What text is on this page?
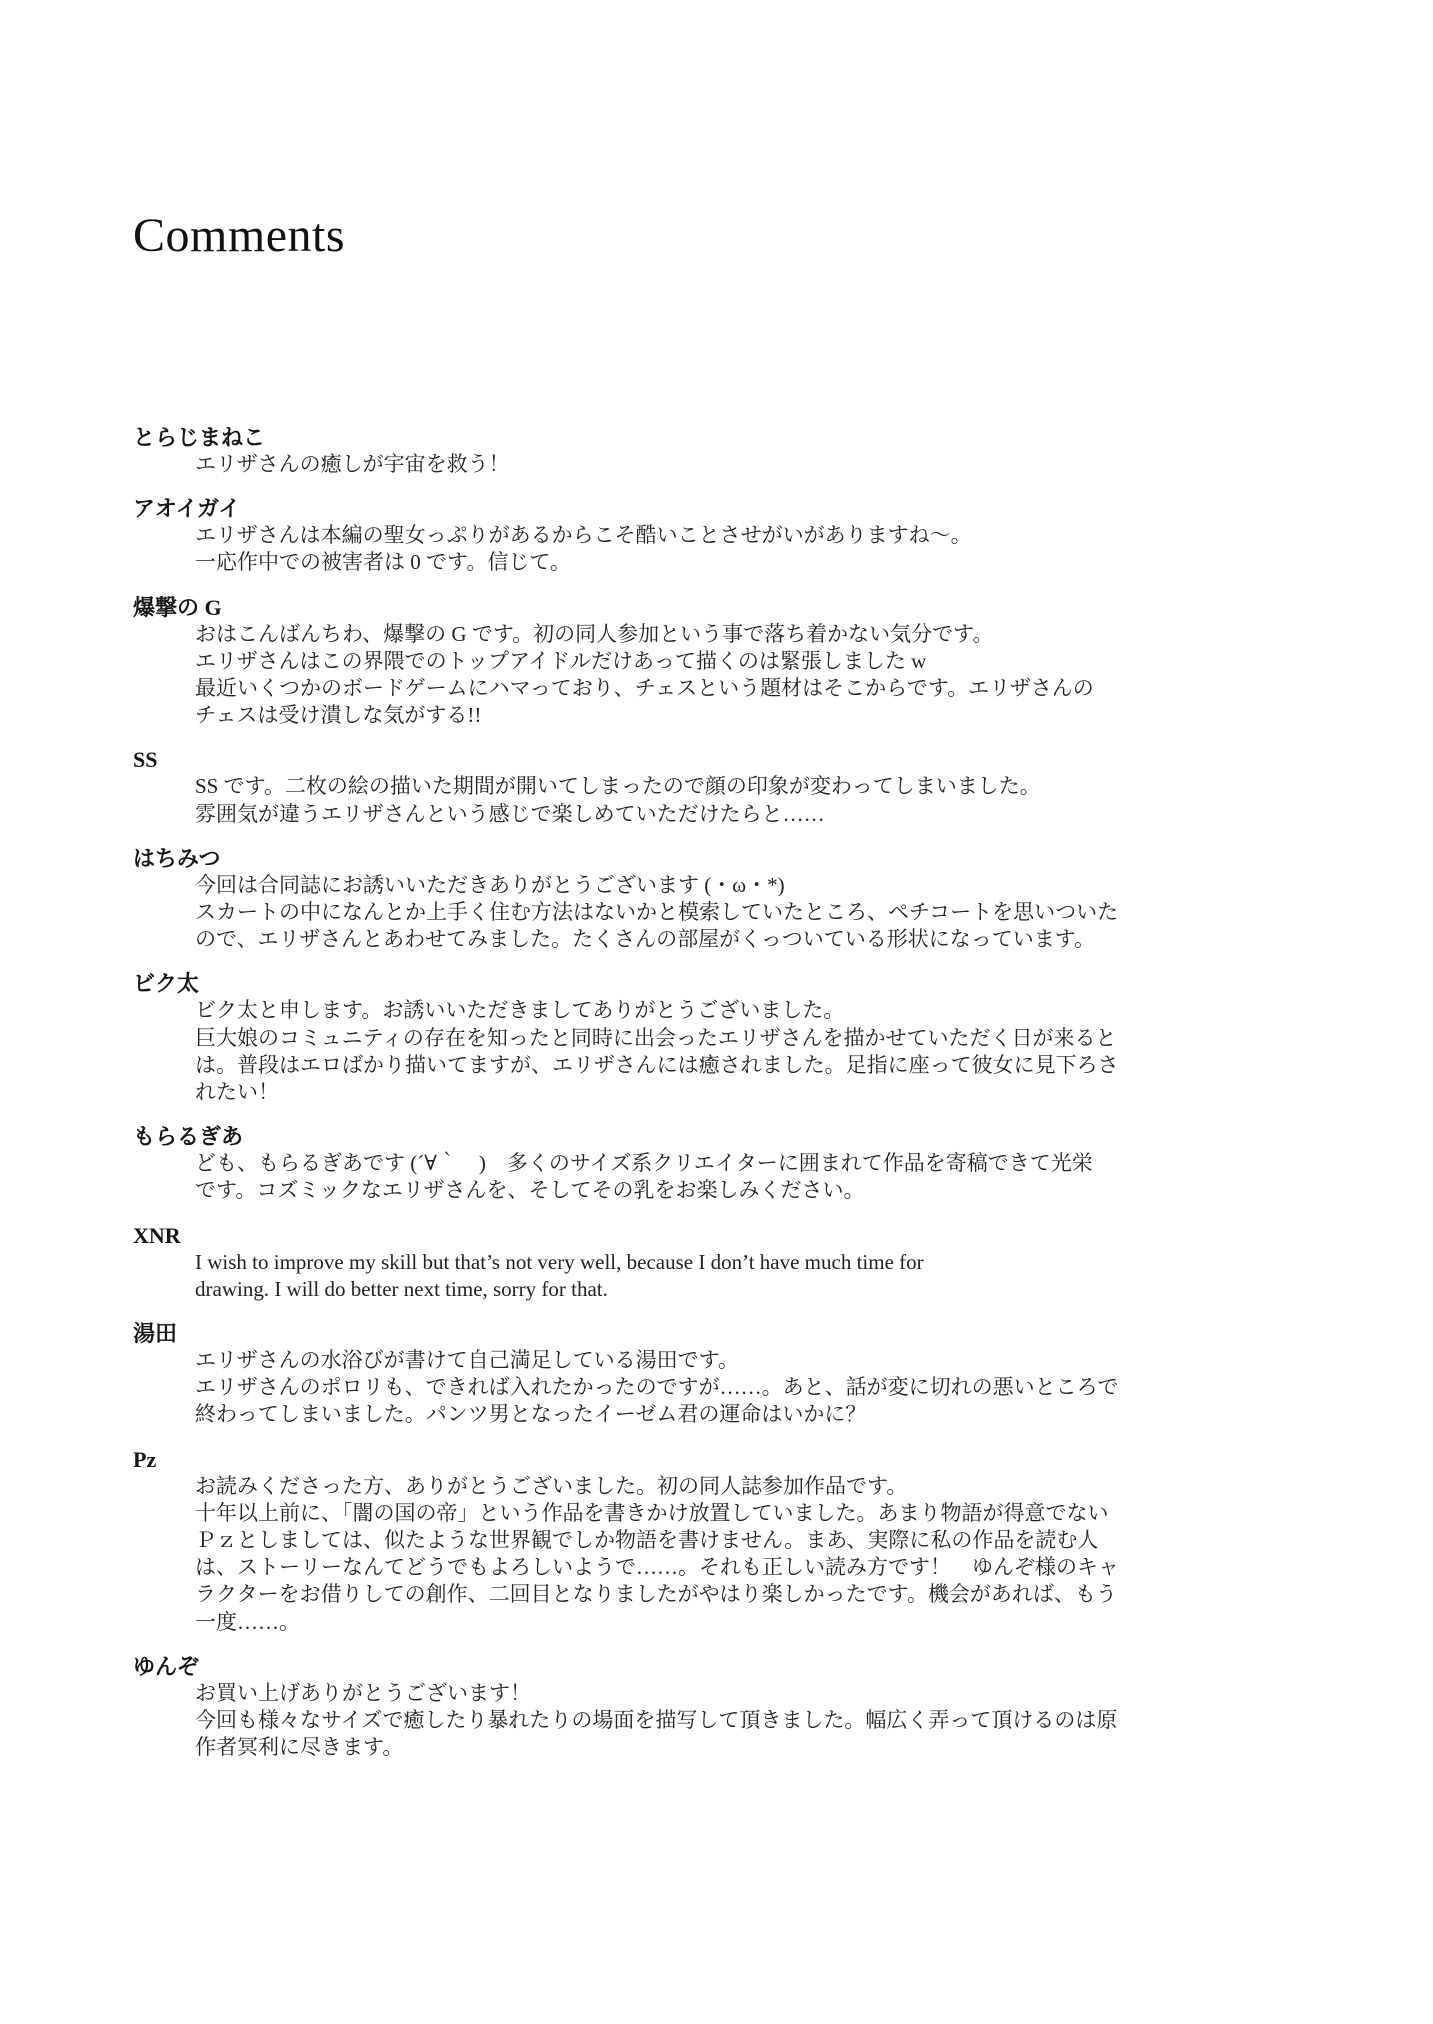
Comments
とらじまねこ
エリザさんの癒しが宇宙を救う！
アオイガイ
エリザさんは本編の聖女っぷりがあるからこそ酷いことさせがいがありますね〜。
一応作中での被害者は 0 です。信じて。
爆撃の G
おはこんばんちわ、爆撃の G です。初の同人参加という事で落ち着かない気分です。
エリザさんはこの界隈でのトップアイドルだけあって描くのは緊張しました w
最近いくつかのボードゲームにハマっており、チェスという題材はそこからです。エリザさんの
チェスは受け潰しな気がする!!
SS
SS です。二枚の絵の描いた期間が開いてしまったので顔の印象が変わってしまいました。
雰囲気が違うエリザさんという感じで楽しめていただけたらと……
はちみつ
今回は合同誌にお誘いいただきありがとうございます (・ω・*)
スカートの中になんとか上手く住む方法はないかと模索していたところ、ペチコートを思いついた
ので、エリザさんとあわせてみました。たくさんの部屋がくっついている形状になっています。
ビク太
ビク太と申します。お誘いいただきましてありがとうございました。
巨大娘のコミュニティの存在を知ったと同時に出会ったエリザさんを描かせていただく日が来ると
は。普段はエロばかり描いてますが、エリザさんには癒されました。足指に座って彼女に見下ろさ
れたい！
もらるぎあ
ども、もらるぎあです (´∀｀　)　多くのサイズ系クリエイターに囲まれて作品を寄稿できて光栄
です。コズミックなエリザさんを、そしてその乳をお楽しみください。
XNR
I wish to improve my skill but that’s not very well, because I don’t have much time for
drawing. I will do better next time, sorry for that.
湯田
エリザさんの水浴びが書けて自己満足している湯田です。
エリザさんのポロリも、できれば入れたかったのですが……。あと、話が変に切れの悪いところで
終わってしまいました。パンツ男となったイーゼム君の運命はいかに？
Pz
お読みくださった方、ありがとうございました。初の同人誌参加作品です。
十年以上前に、「闇の国の帝」という作品を書きかけ放置していました。あまり物語が得意でない
Ｐｚとしましては、似たような世界観でしか物語を書けません。まあ、実際に私の作品を読む人
は、ストーリーなんてどうでもよろしいようで……。それも正しい読み方です！　ゆんぞ様のキャ
ラクターをお借りしての創作、二回目となりましたがやはり楽しかったです。機会があれば、もう
一度……。
ゆんぞ
お買い上げありがとうございます！
今回も様々なサイズで癒したり暴れたりの場面を描写して頂きました。幅広く弄って頂けるのは原
作者冥利に尽きます。
